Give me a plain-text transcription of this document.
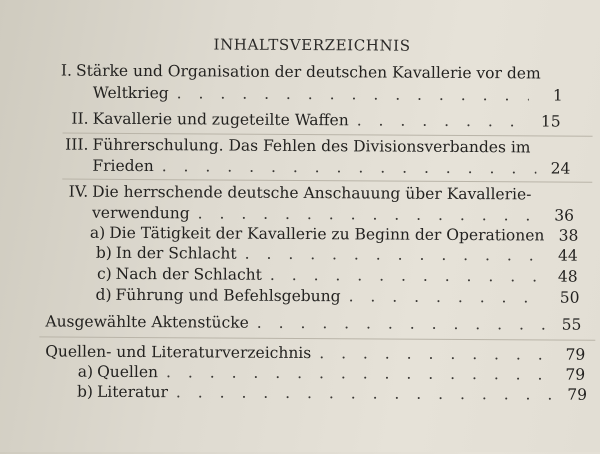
INHALTSVERZEICHNIS
I. Stärke und Organisation der deutschen Kavallerie vor dem
Weltkrieg . . .	1
II. Kavallerie und zugeteilte Waffen . . .	15
III. Führerschulung. Das Fehlen des Divisionsverbandes im
Frieden . . .	24
IV. Die herrschende deutsche Anschauung über Kavallerie-
verwendung . . .	36
a) Die Tätigkeit der Kavallerie zu Beginn der Operationen . . . 38
b) In der Schlacht . . .	44
c) Nach der Schlacht . . .	48
d) Führung und Befehlsgebung . . .	50
Ausgewählte Aktenstücke . . .	55
Quellen- und Literaturverzeichnis . . .	79
a) Quellen . . .	79
b) Literatur . . .	79
